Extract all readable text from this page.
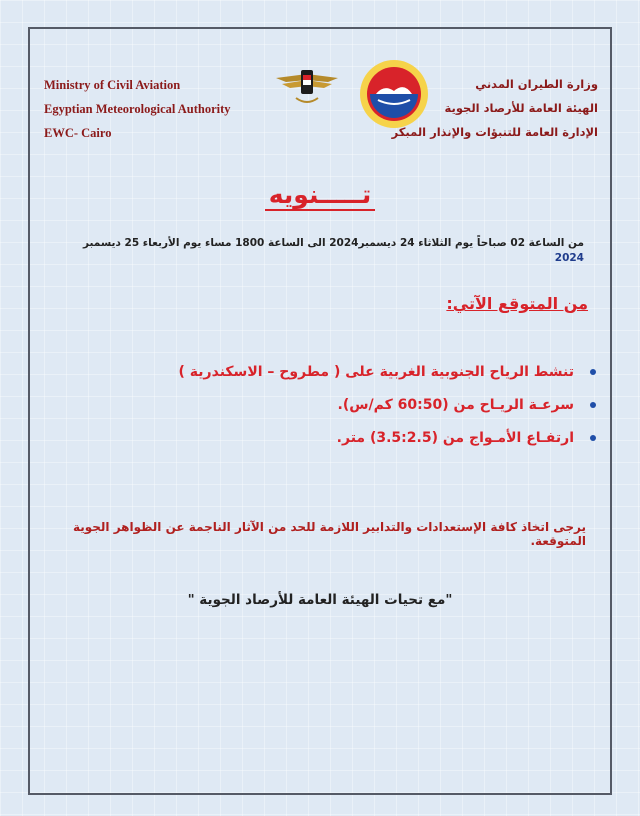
Ministry of Civil Aviation
Egyptian Meteorological Authority
EWC- Cairo
وزارة الطيران المدني
الهيئة العامة للأرصاد الجوية
الإدارة العامة للتنبؤات والإنذار المبكر
تـــــنويه
من الساعة 02 صباحاً يوم الثلاثاء 24 ديسمبر2024 الى الساعة 1800 مساء يوم الأربعاء 25 ديسمبر
2024
من المتوقع الآتي:
تنشط الرياح الجنوبية الغربية على ( مطروح – الاسكندرية )
سرعـة الريـاح من (60:50 كم/س).
ارتفـاع الأمـواج من (3.5:2.5) متر.
يرجى اتخاذ كافة الإستعدادات والتدابير اللازمة للحد من الآثار الناجمة عن الظواهر الجوية المتوقعة.
"مع تحيات الهيئة العامة للأرصاد الجوية "
